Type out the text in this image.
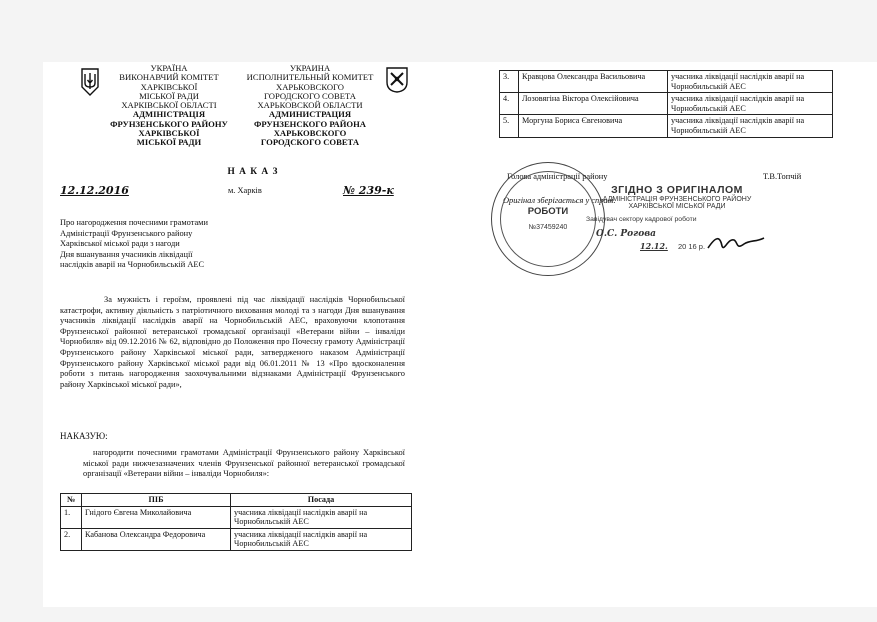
УКРАЇНА
ВИКОНАВЧИЙ КОМІТЕТ
ХАРКІВСЬКОЇ
МІСЬКОЇ РАДИ
ХАРКІВСЬКОЇ ОБЛАСТІ
АДМІНІСТРАЦІЯ
ФРУНЗЕНСЬКОГО РАЙОНУ
ХАРКІВСЬКОЇ
МІСЬКОЇ РАДИ
УКРАИНА
ИСПОЛНИТЕЛЬНЫЙ КОМИТЕТ
ХАРЬКОВСКОГО
ГОРОДСКОГО СОВЕТА
ХАРЬКОВСКОЙ ОБЛАСТИ
АДМИНИСТРАЦИЯ
ФРУНЗЕНСКОГО РАЙОНА
ХАРЬКОВСКОГО
ГОРОДСКОГО СОВЕТА
Н А К А З
12.12.2016	м. Харків	№ 239-к
Про нагородження почесними грамотами
Адміністрації Фрунзенського району
Харківської міської ради з нагоди
Дня вшанування учасників ліквідації
наслідків аварії на Чорнобильській АЕС
За мужність і героїзм, проявлені під час ліквідації наслідків Чорнобильської катастрофи, активну діяльність з патріотичного виховання молоді та з нагоди Дня вшанування учасників ліквідації наслідків аварії на Чорнобильській АЕС, враховуючи клопотання Фрунзенської районної ветеранської громадської організації «Ветерани війни – інваліди Чорнобиля» від 09.12.2016 № 62, відповідно до Положення про Почесну грамоту Адміністрації Фрунзенського району Харківської міської ради, затвердженого наказом Адміністрації Фрунзенського району Харківської міської ради від 06.01.2011 № 13 «Про вдосконалення роботи з питань нагородження заохочувальними відзнаками Адміністрації Фрунзенського району Харківської міської ради»,
НАКАЗУЮ:
нагородити почесними грамотами Адміністрації Фрунзенського району Харківської міської ради нижчезазначених членів Фрунзенської районної ветеранської громадської організації «Ветерани війни – інваліди Чорнобиля»:
№	ПІБ	Посада
1.	Гнідого Євгена Миколайовича	учасника ліквідації наслідків аварії на Чорнобильській АЕС
2.	Кабанова Олександра Федоровича	учасника ліквідації наслідків аварії на Чорнобильській АЕС
3.	Кравцова Олександра Васильовича	учасника ліквідації наслідків аварії на Чорнобильській АЕС
4.	Лозовягіна Віктора Олексійовича	учасника ліквідації наслідків аварії на Чорнобильській АЕС
5.	Моргуна Бориса Євгеновича	учасника ліквідації наслідків аварії на Чорнобильській АЕС
Голова адміністрації району	Т.В.Топчій
Оригінал зберігається у справі.
РОБОТИ
№37459240
ЗГІДНО З ОРИГІНАЛОМ
АДМІНІСТРАЦІЯ ФРУНЗЕНСЬКОГО РАЙОНУ
ХАРКІВСЬКОЇ МІСЬКОЇ РАДИ
Завідувач сектору кадрової роботи
О.С. Рогова
12.12. 20 16 р.
